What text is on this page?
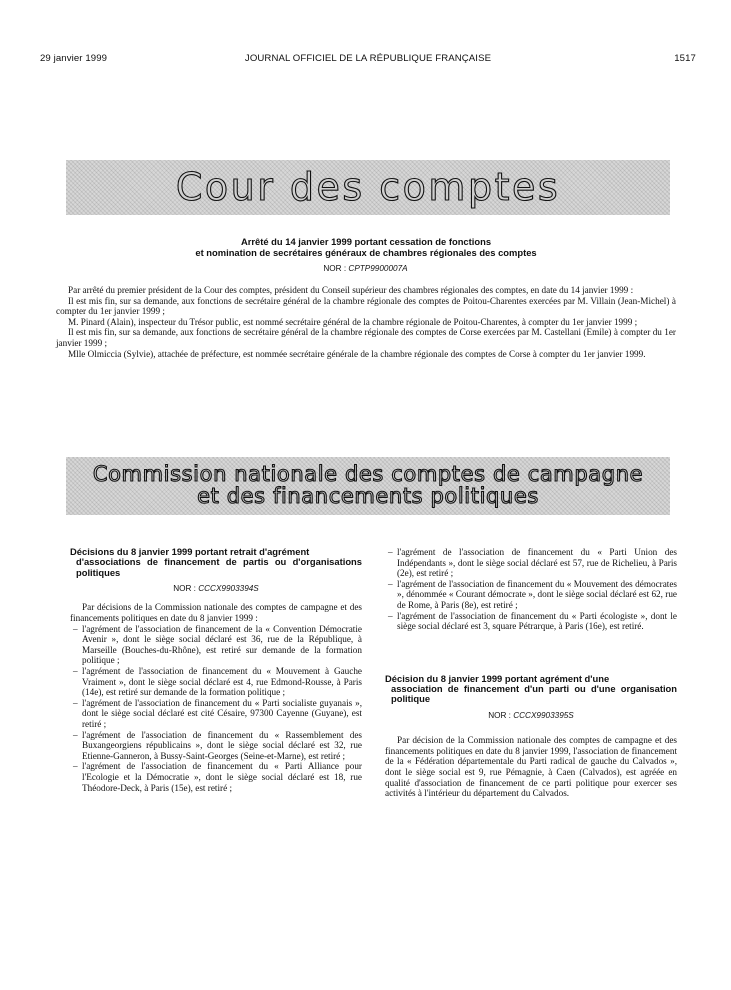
29 janvier 1999	JOURNAL OFFICIEL DE LA RÉPUBLIQUE FRANÇAISE	1517
Cour des comptes
Arrêté du 14 janvier 1999 portant cessation de fonctions
et nomination de secrétaires généraux de chambres régionales des comptes
NOR : CPTP9900007A

Par arrêté du premier président de la Cour des comptes, président du Conseil supérieur des chambres régionales des comptes, en date du 14 janvier 1999 :

Il est mis fin, sur sa demande, aux fonctions de secrétaire général de la chambre régionale des comptes de Poitou-Charentes exercées par M. Villain (Jean-Michel) à compter du 1er janvier 1999 ;

M. Pinard (Alain), inspecteur du Trésor public, est nommé secrétaire général de la chambre régionale de Poitou-Charentes, à compter du 1er janvier 1999 ;

Il est mis fin, sur sa demande, aux fonctions de secrétaire général de la chambre régionale des comptes de Corse exercées par M. Castellani (Emile) à compter du 1er janvier 1999 ;

Mlle Olmiccia (Sylvie), attachée de préfecture, est nommée secrétaire générale de la chambre régionale des comptes de Corse à compter du 1er janvier 1999.

Commission nationale des comptes de campagne
et des financements politiques
Décisions du 8 janvier 1999 portant retrait d'agrément
d'associations de financement de partis ou d'organisations politiques
NOR : CCCX9903394S

Par décisions de la Commission nationale des comptes de campagne et des financements politiques en date du 8 janvier 1999 :

– l'agrément de l'association de financement de la « Convention Démocratie Avenir », dont le siège social déclaré est 36, rue de la République, à Marseille (Bouches-du-Rhône), est retiré sur demande de la formation politique ;
– l'agrément de l'association de financement du « Mouvement à Gauche Vraiment », dont le siège social déclaré est 4, rue Edmond-Rousse, à Paris (14e), est retiré sur demande de la formation politique ;
– l'agrément de l'association de financement du « Parti socialiste guyanais », dont le siège social déclaré est cité Césaire, 97300 Cayenne (Guyane), est retiré ;
– l'agrément de l'association de financement du « Rassemblement des Buxangeorgiens républicains », dont le siège social déclaré est 32, rue Etienne-Ganneron, à Bussy-Saint-Georges (Seine-et-Marne), est retiré ;
– l'agrément de l'association de financement du « Parti Alliance pour l'Ecologie et la Démocratie », dont le siège social déclaré est 18, rue Théodore-Deck, à Paris (15e), est retiré ;
– l'agrément de l'association de financement du « Parti Union des Indépendants », dont le siège social déclaré est 57, rue de Richelieu, à Paris (2e), est retiré ;
– l'agrément de l'association de financement du « Mouvement des démocrates », dénommée « Courant démocrate », dont le siège social déclaré est 62, rue de Rome, à Paris (8e), est retiré ;
– l'agrément de l'association de financement du « Parti écologiste », dont le siège social déclaré est 3, square Pétrarque, à Paris (16e), est retiré.
Décision du 8 janvier 1999 portant agrément d'une
association de financement d'un parti ou d'une organisation politique
NOR : CCCX9903395S

Par décision de la Commission nationale des comptes de campagne et des financements politiques en date du 8 janvier 1999, l'association de financement de la « Fédération départementale du Parti radical de gauche du Calvados », dont le siège social est 9, rue Pémagnie, à Caen (Calvados), est agréée en qualité d'association de financement de ce parti politique pour exercer ses activités à l'intérieur du département du Calvados.
